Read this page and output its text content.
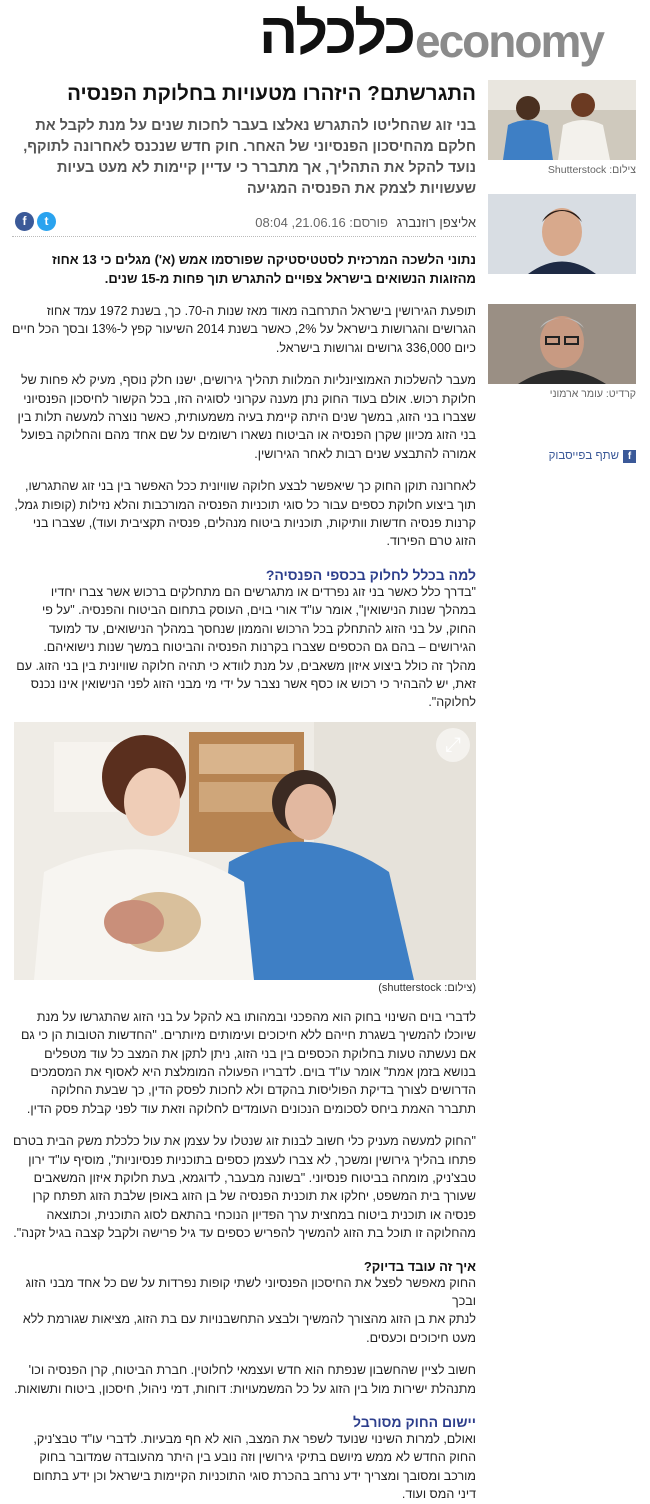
כלכלה economy
התגרשתם? היזהרו מטעויות בחלוקת הפנסיה
בני זוג שהחליטו להתגרש נאלצו בעבר לחכות שנים על מנת לקבל את חלקם מהחיסכון הפנסיוני של האחר. חוק חדש שנכנס לאחרונה לתוקף, נועד להקל את התהליך, אך מתברר כי עדיין קיימות לא מעט בעיות שעשויות לצמק את הפנסיה המגיעה
אליצפן רוזנברג
פורסם: 21.06.16, 08:04
tf
נתוני הלשכה המרכזית לסטטיסטיקה שפורסמו אמש (א') מגלים כי 13 אחוז מהזוגות הנשואים בישראל צפויים להתגרש תוך פחות מ-15 שנים.

תופעת הגירושין בישראל התרחבה מאוד מאז שנות ה-70. כך, בשנת 1972 עמד אחוז הגרושים והגרושות בישראל על 2%, כאשר בשנת 2014 השיעור קפץ ל-13% ובסך הכל חיים כיום 336,000 גרושים וגרושות בישראל.

מעבר להשלכות האמוציונליות המלוות תהליך גירושים, ישנו חלק נוסף, מעיק לא פחות של חלוקת רכוש. אולם בעוד החוק נתן מענה עקרוני לסוגיה הזו, בכל הקשור לחיסכון הפנסיוני שצברו בני הזוג, במשך שנים היתה קיימת בעיה משמעותית, כאשר נוצרה למעשה תלות בין בני הזוג מכיוון שקרן הפנסיה או הביטוח נשארו רשומים על שם אחד מהם והחלוקה בפועל אמורה להתבצע שנים רבות לאחר הגירושין.

לאחרונה תוקן החוק כך שיאפשר לבצע חלוקה שוויונית ככל האפשר בין בני זוג שהתגרשו, תוך ביצוע חלוקת כספים עבור כל סוגי תוכניות הפנסיה המורכבות והלא נזילות (קופות גמל, קרנות פנסיה חדשות וותיקות, תוכניות ביטוח מנהלים, פנסיה תקציבית ועוד), שצברו בני הזוג טרם הפירוד.

למה בכלל לחלוק בכספי הפנסיה?

"בדרך כלל כאשר בני זוג נפרדים או מתגרשים הם מתחלקים ברכוש אשר צברו יחדיו במהלך שנות הנישואין", אומר עו"ד אורי בוים, העוסק בתחום הביטוח והפנסיה. "על פי החוק, על בני הזוג להתחלק בכל הרכוש והממון שנחסך במהלך הנישואים, עד למועד הגירושים – בהם גם הכספים שצברו בקרנות הפנסיה והביטוח במשך שנות נישואיהם. מהלך זה כולל ביצוע איזון משאבים, על מנת לוודא כי תהיה חלוקה שוויונית בין בני הזוג. עם זאת, יש להבהיר כי רכוש או כסף אשר נצבר על ידי מי מבני הזוג לפני הנישואין אינו נכנס לחלוקה".

⤢
(צילום: shutterstock)

לדברי בוים השינוי בחוק הוא מהפכני ובמהותו בא להקל על בני הזוג שהתגרשו על מנת שיוכלו להמשיך בשגרת חייהם ללא חיכוכים ועימותים מיותרים. "החדשות הטובות הן כי גם אם נעשתה טעות בחלוקת הכספים בין בני הזוג, ניתן לתקן את המצב כל עוד מטפלים בנושא בזמן אמת" אומר עו"ד בוים. לדבריו הפעולה המומלצת היא לאסוף את המסמכים הדרושים לצורך בדיקת הפוליסות בהקדם ולא לחכות לפסק הדין, כך שבעת החלוקה תתברר האמת ביחס לסכומים הנכונים העומדים לחלוקה וזאת עוד לפני קבלת פסק הדין.

"החוק למעשה מעניק כלי חשוב לבנות זוג שנטלו על עצמן את עול כלכלת משק הבית בטרם פתחו בהליך גירושין ומשכך, לא צברו לעצמן כספים בתוכניות פנסיוניות", מוסיף עו"ד ירון טבצ'ניק, מומחה בביטוח פנסיוני. "בשונה מבעבר, לדוגמא, בעת חלוקת איזון המשאבים שעורך בית המשפט, יחלקו את תוכנית הפנסיה של בן הזוג באופן שלבת הזוג תפתח קרן פנסיה או תוכנית ביטוח במחצית ערך הפדיון הנוכחי בהתאם לסוג התוכנית, וכתוצאה מהחלוקה זו תוכל בת הזוג להמשיך להפריש כספים עד גיל פרישה ולקבל קצבה בגיל זקנה".

איך זה עובד בדיוק?

החוק מאפשר לפצל את החיסכון הפנסיוני לשתי קופות נפרדות על שם כל אחד מבני הזוג ובכך

לנתק את בן הזוג מהצורך להמשיך ולבצע התחשבנויות עם בת הזוג, מציאות שגורמת ללא מעט חיכוכים וכעסים.

חשוב לציין שהחשבון שנפתח הוא חדש ועצמאי לחלוטין. חברת הביטוח, קרן הפנסיה וכו' מתנהלת ישירות מול בין הזוג על כל המשמעויות: דוחות, דמי ניהול, חיסכון, ביטוח ותשואות.

יישום החוק מסורבל

ואולם, למרות השינוי שנועד לשפר את המצב, הוא לא חף מבעיות. לדברי עו"ד טבצ'ניק, החוק החדש לא ממש מיושם בתיקי גירושין וזה נובע בין היתר מהעובדה שמדובר בחוק מורכב ומסובך ומצריך ידע נרחב בהכרת סוגי התוכניות הקיימות בישראל וכן ידע בתחום דיני המס ועוד.

צילום: Shutterstock
קרדיט: עומר ארמוני
fשתף בפייסבוק
